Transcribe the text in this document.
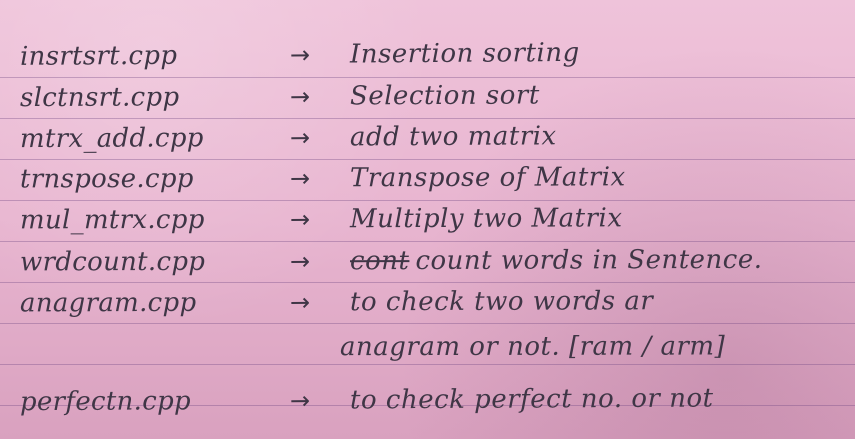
insrtsrt.cpp	→ Insertion sorting
slctnsrt.cpp	→ Selection sort
mtrx_add.cpp	→ add two matrix
trnspose.cpp	→ Transpose of Matrix
mul_mtrx.cpp	→ Multiply two Matrix
wrdcount.cpp	→ cont count words in Sentence.
anagram.cpp	→ to check two words ar
anagram or not. [ram / arm]
perfectn.cpp	→ to check perfect no. or not
